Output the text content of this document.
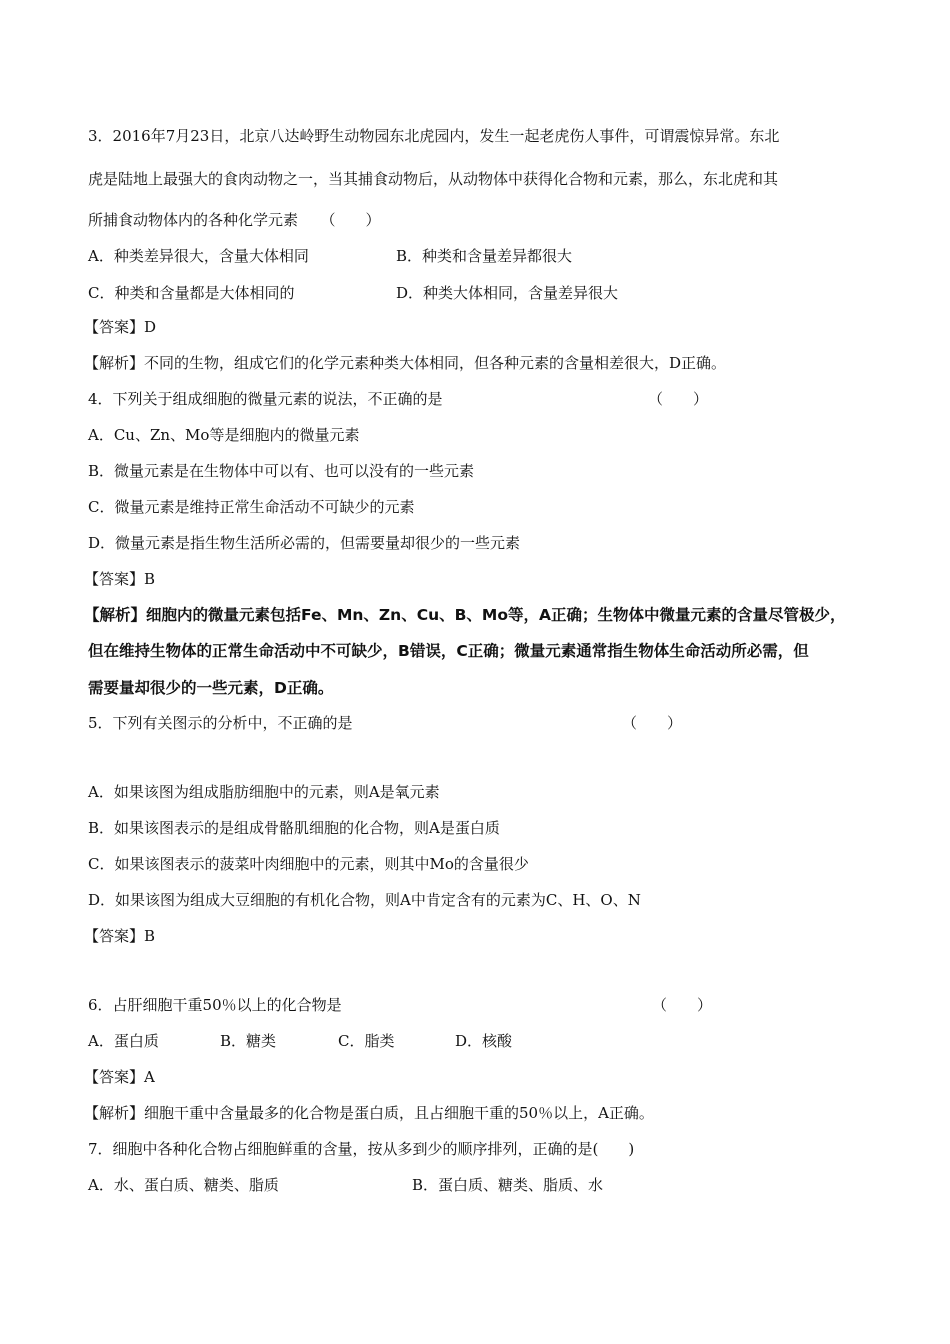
3．2016年7月23日，北京八达岭野生动物园东北虎园内，发生一起老虎伤人事件，可谓震惊异常。东北
虎是陆地上最强大的食肉动物之一，当其捕食动物后，从动物体中获得化合物和元素，那么，东北虎和其
所捕食动物体内的各种化学元素　　（　　）
A．种类差异很大，含量大体相同	B．种类和含量差异都很大
C．种类和含量都是大体相同的	D．种类大体相同，含量差异很大
【答案】D
【解析】不同的生物，组成它们的化学元素种类大体相同，但各种元素的含量相差很大，D正确。
4．下列关于组成细胞的微量元素的说法，不正确的是	（　　）
A．Cu、Zn、Mo等是细胞内的微量元素
B．微量元素是在生物体中可以有、也可以没有的一些元素
C．微量元素是维持正常生命活动不可缺少的元素
D．微量元素是指生物生活所必需的，但需要量却很少的一些元素
【答案】B
【解析】细胞内的微量元素包括Fe、Mn、Zn、Cu、B、Mo等，A正确；生物体中微量元素的含量尽管极少，
但在维持生物体的正常生命活动中不可缺少，B错误，C正确；微量元素通常指生物体生命活动所必需，但
需要量却很少的一些元素，D正确。
5．下列有关图示的分析中，不正确的是	（　　）
A．如果该图为组成脂肪细胞中的元素，则A是氧元素
B．如果该图表示的是组成骨骼肌细胞的化合物，则A是蛋白质
C．如果该图表示的菠菜叶肉细胞中的元素，则其中Mo的含量很少
D．如果该图为组成大豆细胞的有机化合物，则A中肯定含有的元素为C、H、O、N
【答案】B
6．占肝细胞干重50％以上的化合物是	（　　）
A．蛋白质	B．糖类	C．脂类	D．核酸
【答案】A
【解析】细胞干重中含量最多的化合物是蛋白质，且占细胞干重的50％以上，A正确。
7．细胞中各种化合物占细胞鲜重的含量，按从多到少的顺序排列，正确的是(　　)
A．水、蛋白质、糖类、脂质	B．蛋白质、糖类、脂质、水
